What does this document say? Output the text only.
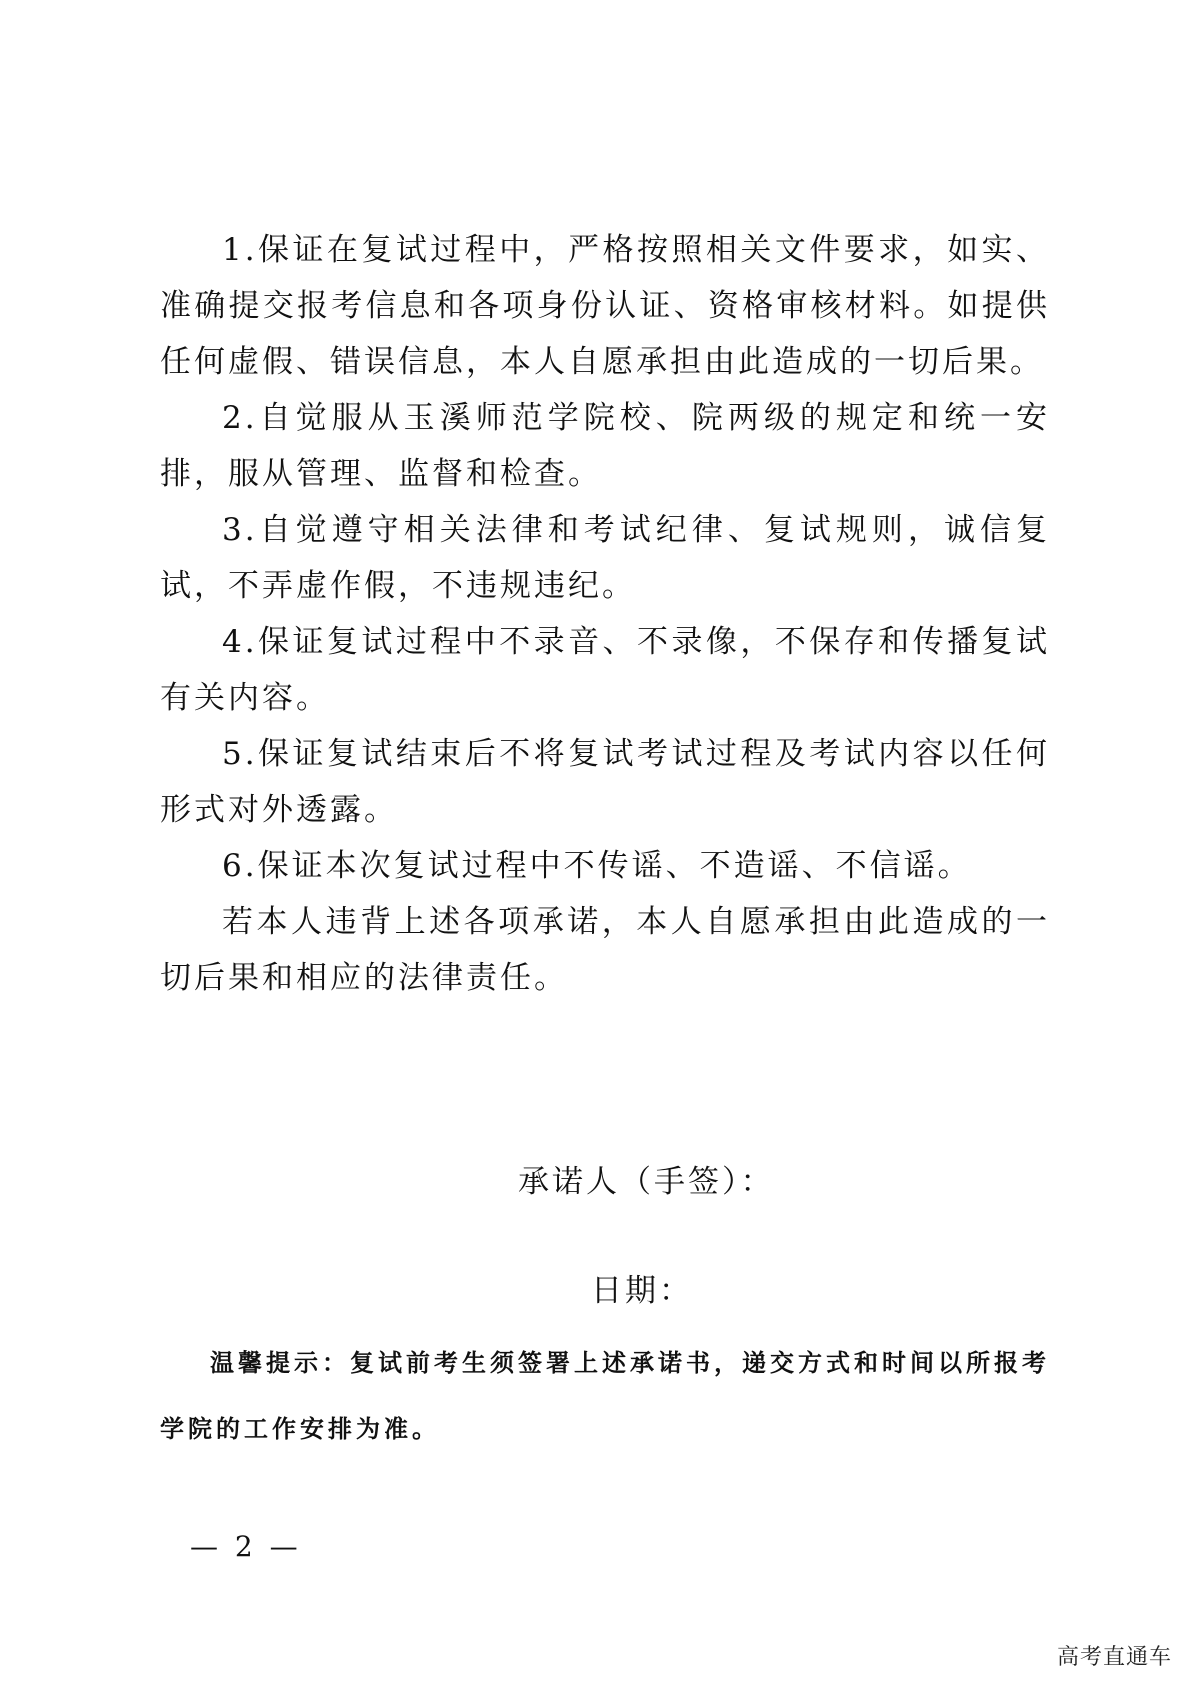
1.保证在复试过程中，严格按照相关文件要求，如实、准确提交报考信息和各项身份认证、资格审核材料。如提供任何虚假、错误信息，本人自愿承担由此造成的一切后果。

2.自觉服从玉溪师范学院校、院两级的规定和统一安排，服从管理、监督和检查。

3.自觉遵守相关法律和考试纪律、复试规则，诚信复试，不弄虚作假，不违规违纪。

4.保证复试过程中不录音、不录像，不保存和传播复试有关内容。

5.保证复试结束后不将复试考试过程及考试内容以任何形式对外透露。

6.保证本次复试过程中不传谣、不造谣、不信谣。

若本人违背上述各项承诺，本人自愿承担由此造成的一切后果和相应的法律责任。

承诺人（手签）：
日期：

温馨提示：复试前考生须签署上述承诺书，递交方式和时间以所报考学院的工作安排为准。

— 2 —
高考直通车
